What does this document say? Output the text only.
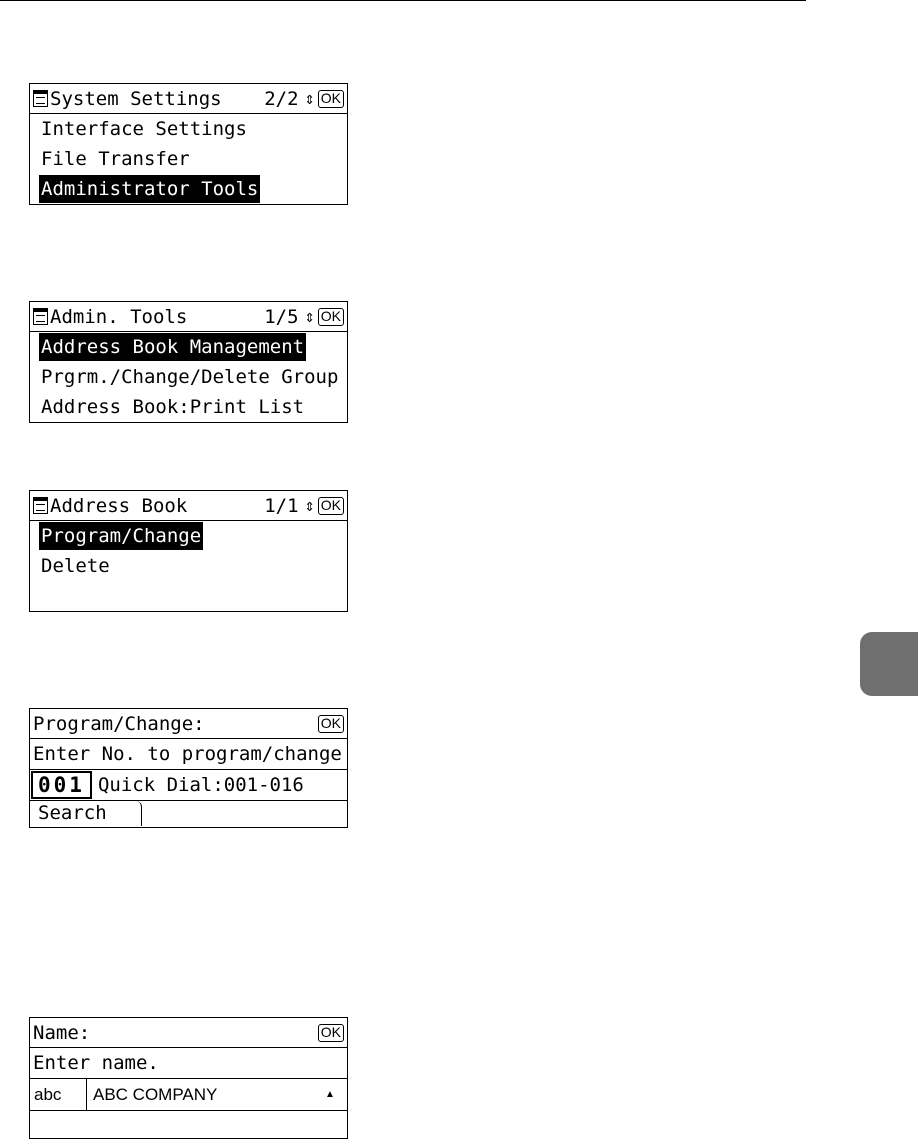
System Settings	2/2 ⇕ OK
Interface Settings
File Transfer
Administrator Tools
Admin. Tools	1/5 ⇕ OK
Address Book Management
Prgrm./Change/Delete Group
Address Book:Print List
Address Book	1/1 ⇕ OK
Program/Change
Delete
Program/Change:	OK
Enter No. to program/change
001 Quick Dial:001-016
Search
Name:	OK
Enter name.
abc	ABC COMPANY	▲
